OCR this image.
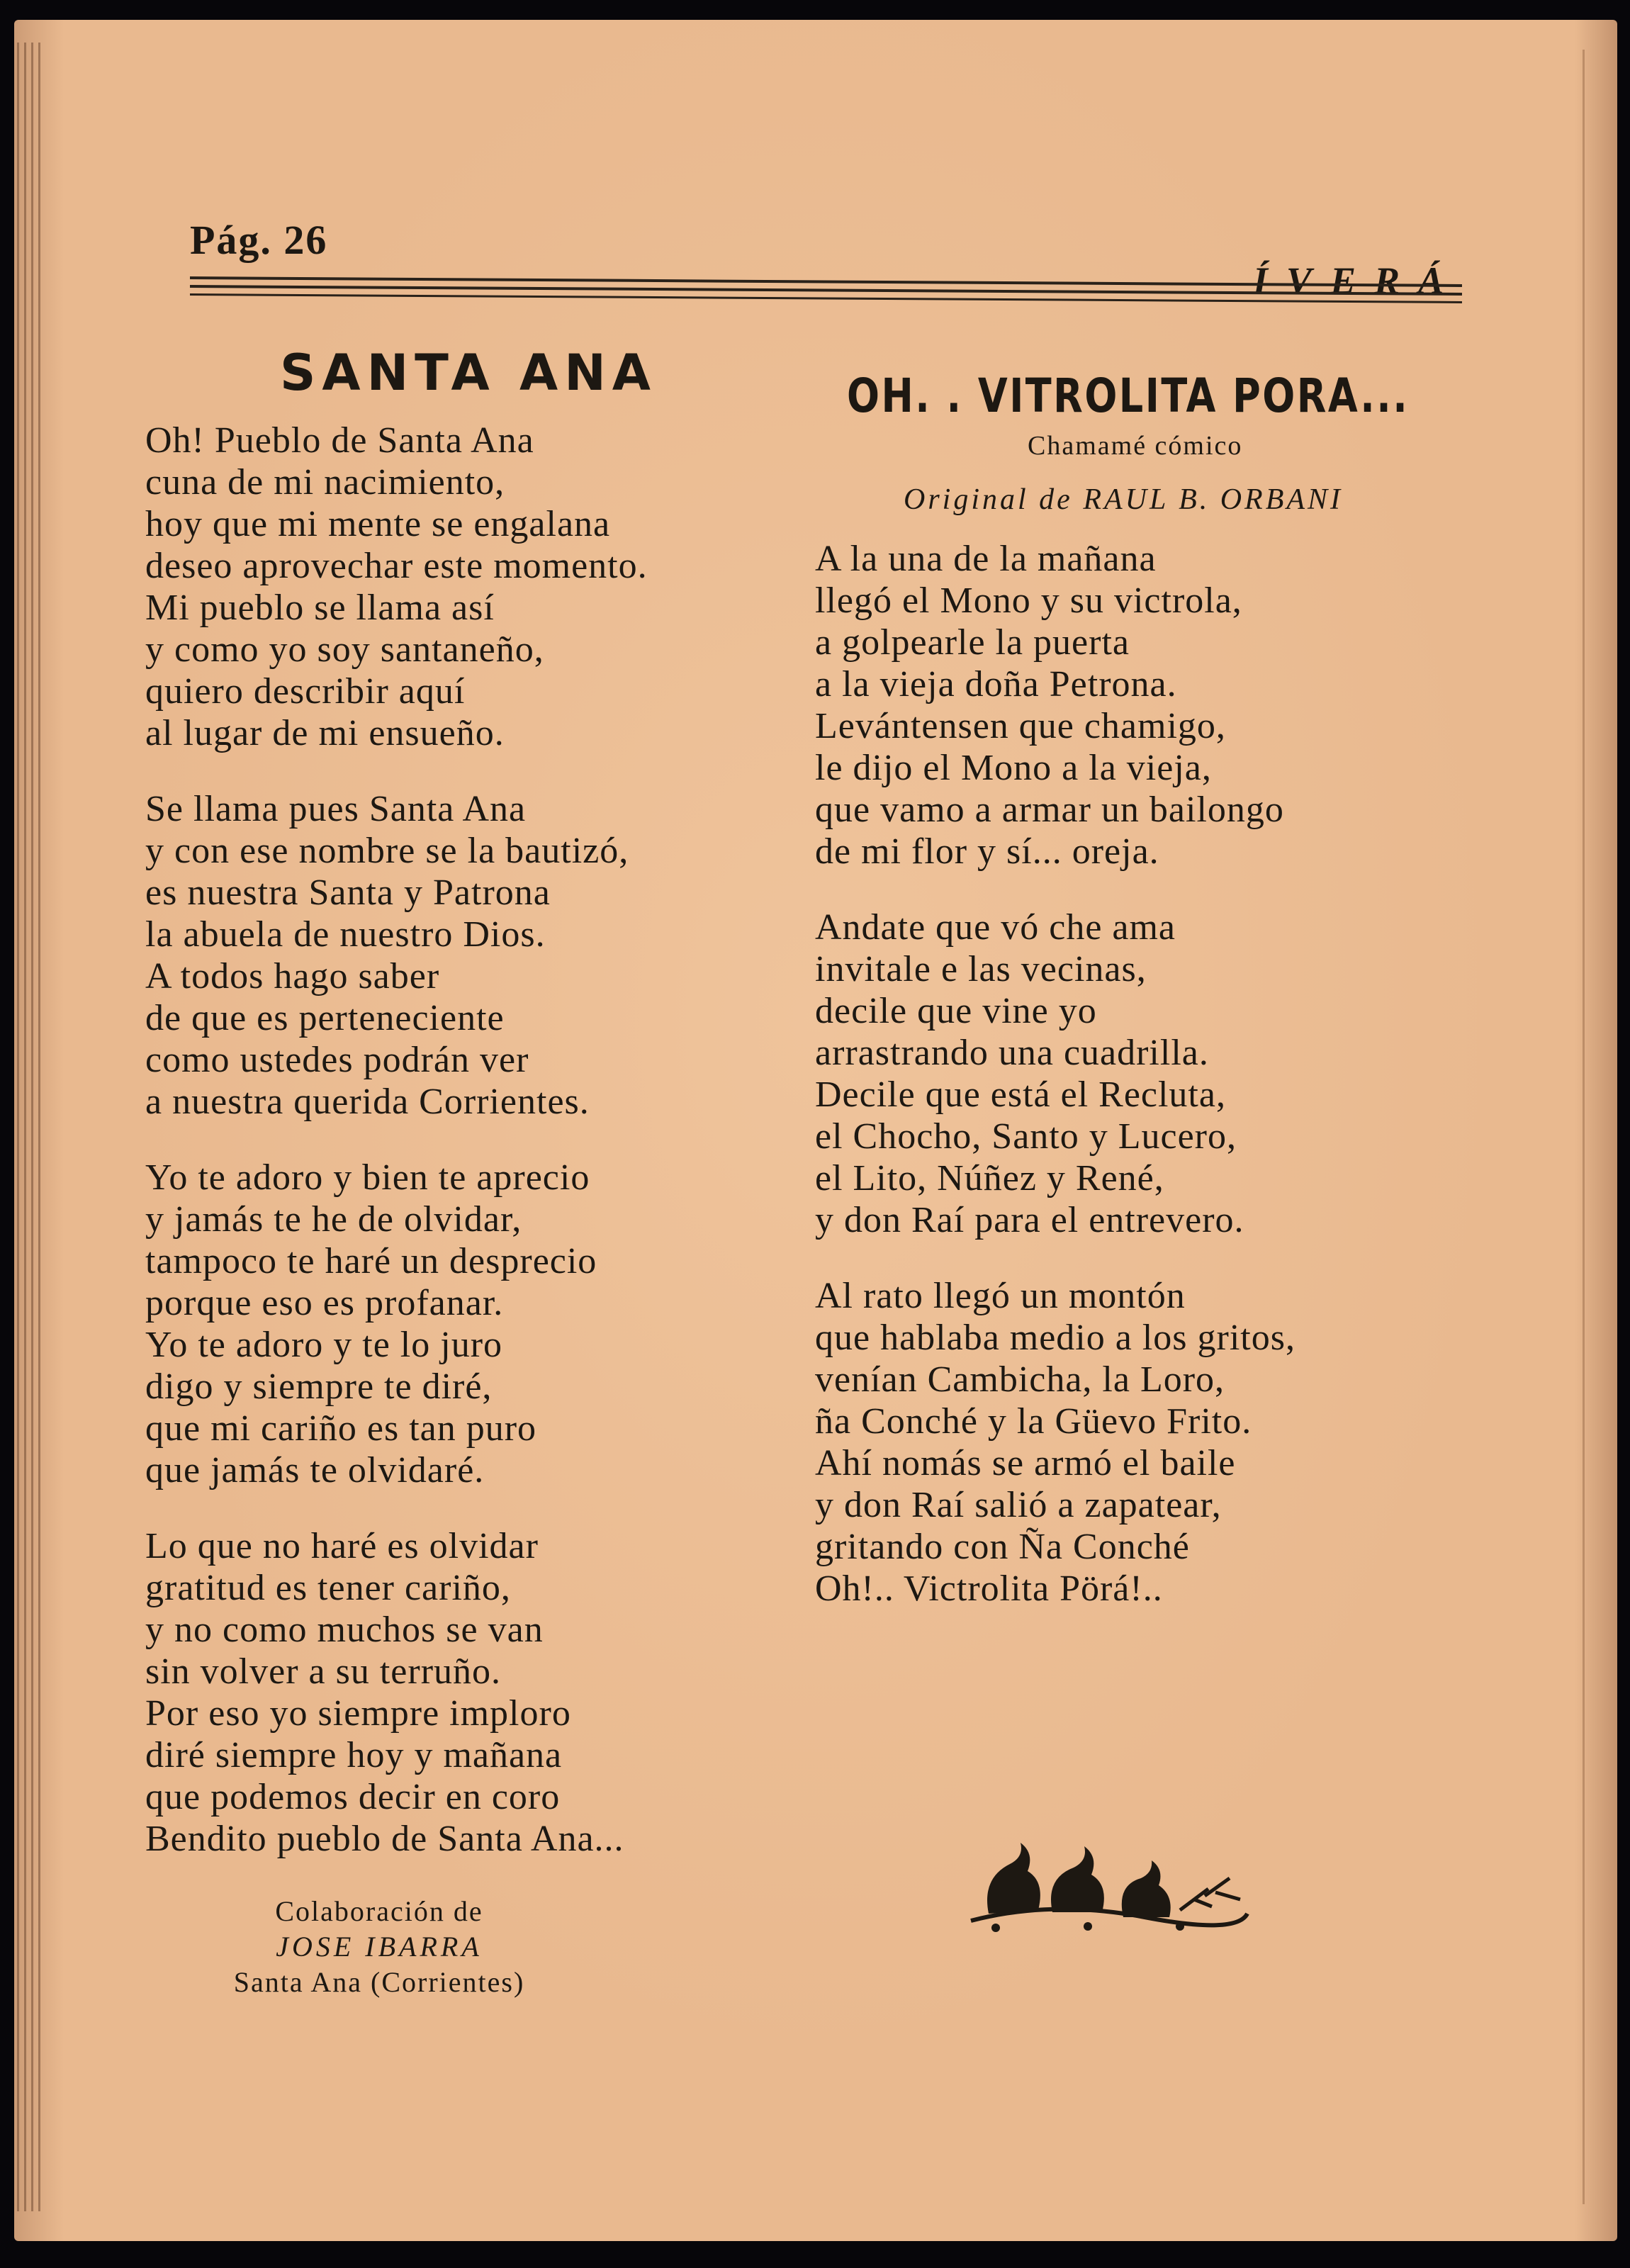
Pág. 26
ÍVERÁ
SANTA ANA
Oh! Pueblo de Santa Ana
cuna de mi nacimiento,
hoy que mi mente se engalana
deseo aprovechar este momento.
Mi pueblo se llama así
y como yo soy santaneño,
quiero describir aquí
al lugar de mi ensueño.
Se llama pues Santa Ana
y con ese nombre se la bautizó,
es nuestra Santa y Patrona
la abuela de nuestro Dios.
A todos hago saber
de que es perteneciente
como ustedes podrán ver
a nuestra querida Corrientes.
Yo te adoro y bien te aprecio
y jamás te he de olvidar,
tampoco te haré un desprecio
porque eso es profanar.
Yo te adoro y te lo juro
digo y siempre te diré,
que mi cariño es tan puro
que jamás te olvidaré.
Lo que no haré es olvidar
gratitud es tener cariño,
y no como muchos se van
sin volver a su terruño.
Por eso yo siempre imploro
diré siempre hoy y mañana
que podemos decir en coro
Bendito pueblo de Santa Ana...
Colaboración de
JOSE IBARRA
Santa Ana (Corrientes)
OH. . VITROLITA PORA...
Chamamé cómico
Original de RAUL B. ORBANI
A la una de la mañana
llegó el Mono y su victrola,
a golpearle la puerta
a la vieja doña Petrona.
Levántensen que chamigo,
le dijo el Mono a la vieja,
que vamo a armar un bailongo
de mi flor y sí... oreja.
Andate que vó che ama
invitale e las vecinas,
decile que vine yo
arrastrando una cuadrilla.
Decile que está el Recluta,
el Chocho, Santo y Lucero,
el Lito, Núñez y René,
y don Raí para el entrevero.
Al rato llegó un montón
que hablaba medio a los gritos,
venían Cambicha, la Loro,
ña Conché y la Güevo Frito.
Ahí nomás se armó el baile
y don Raí salió a zapatear,
gritando con Ña Conché
Oh!.. Victrolita Pörá!..
